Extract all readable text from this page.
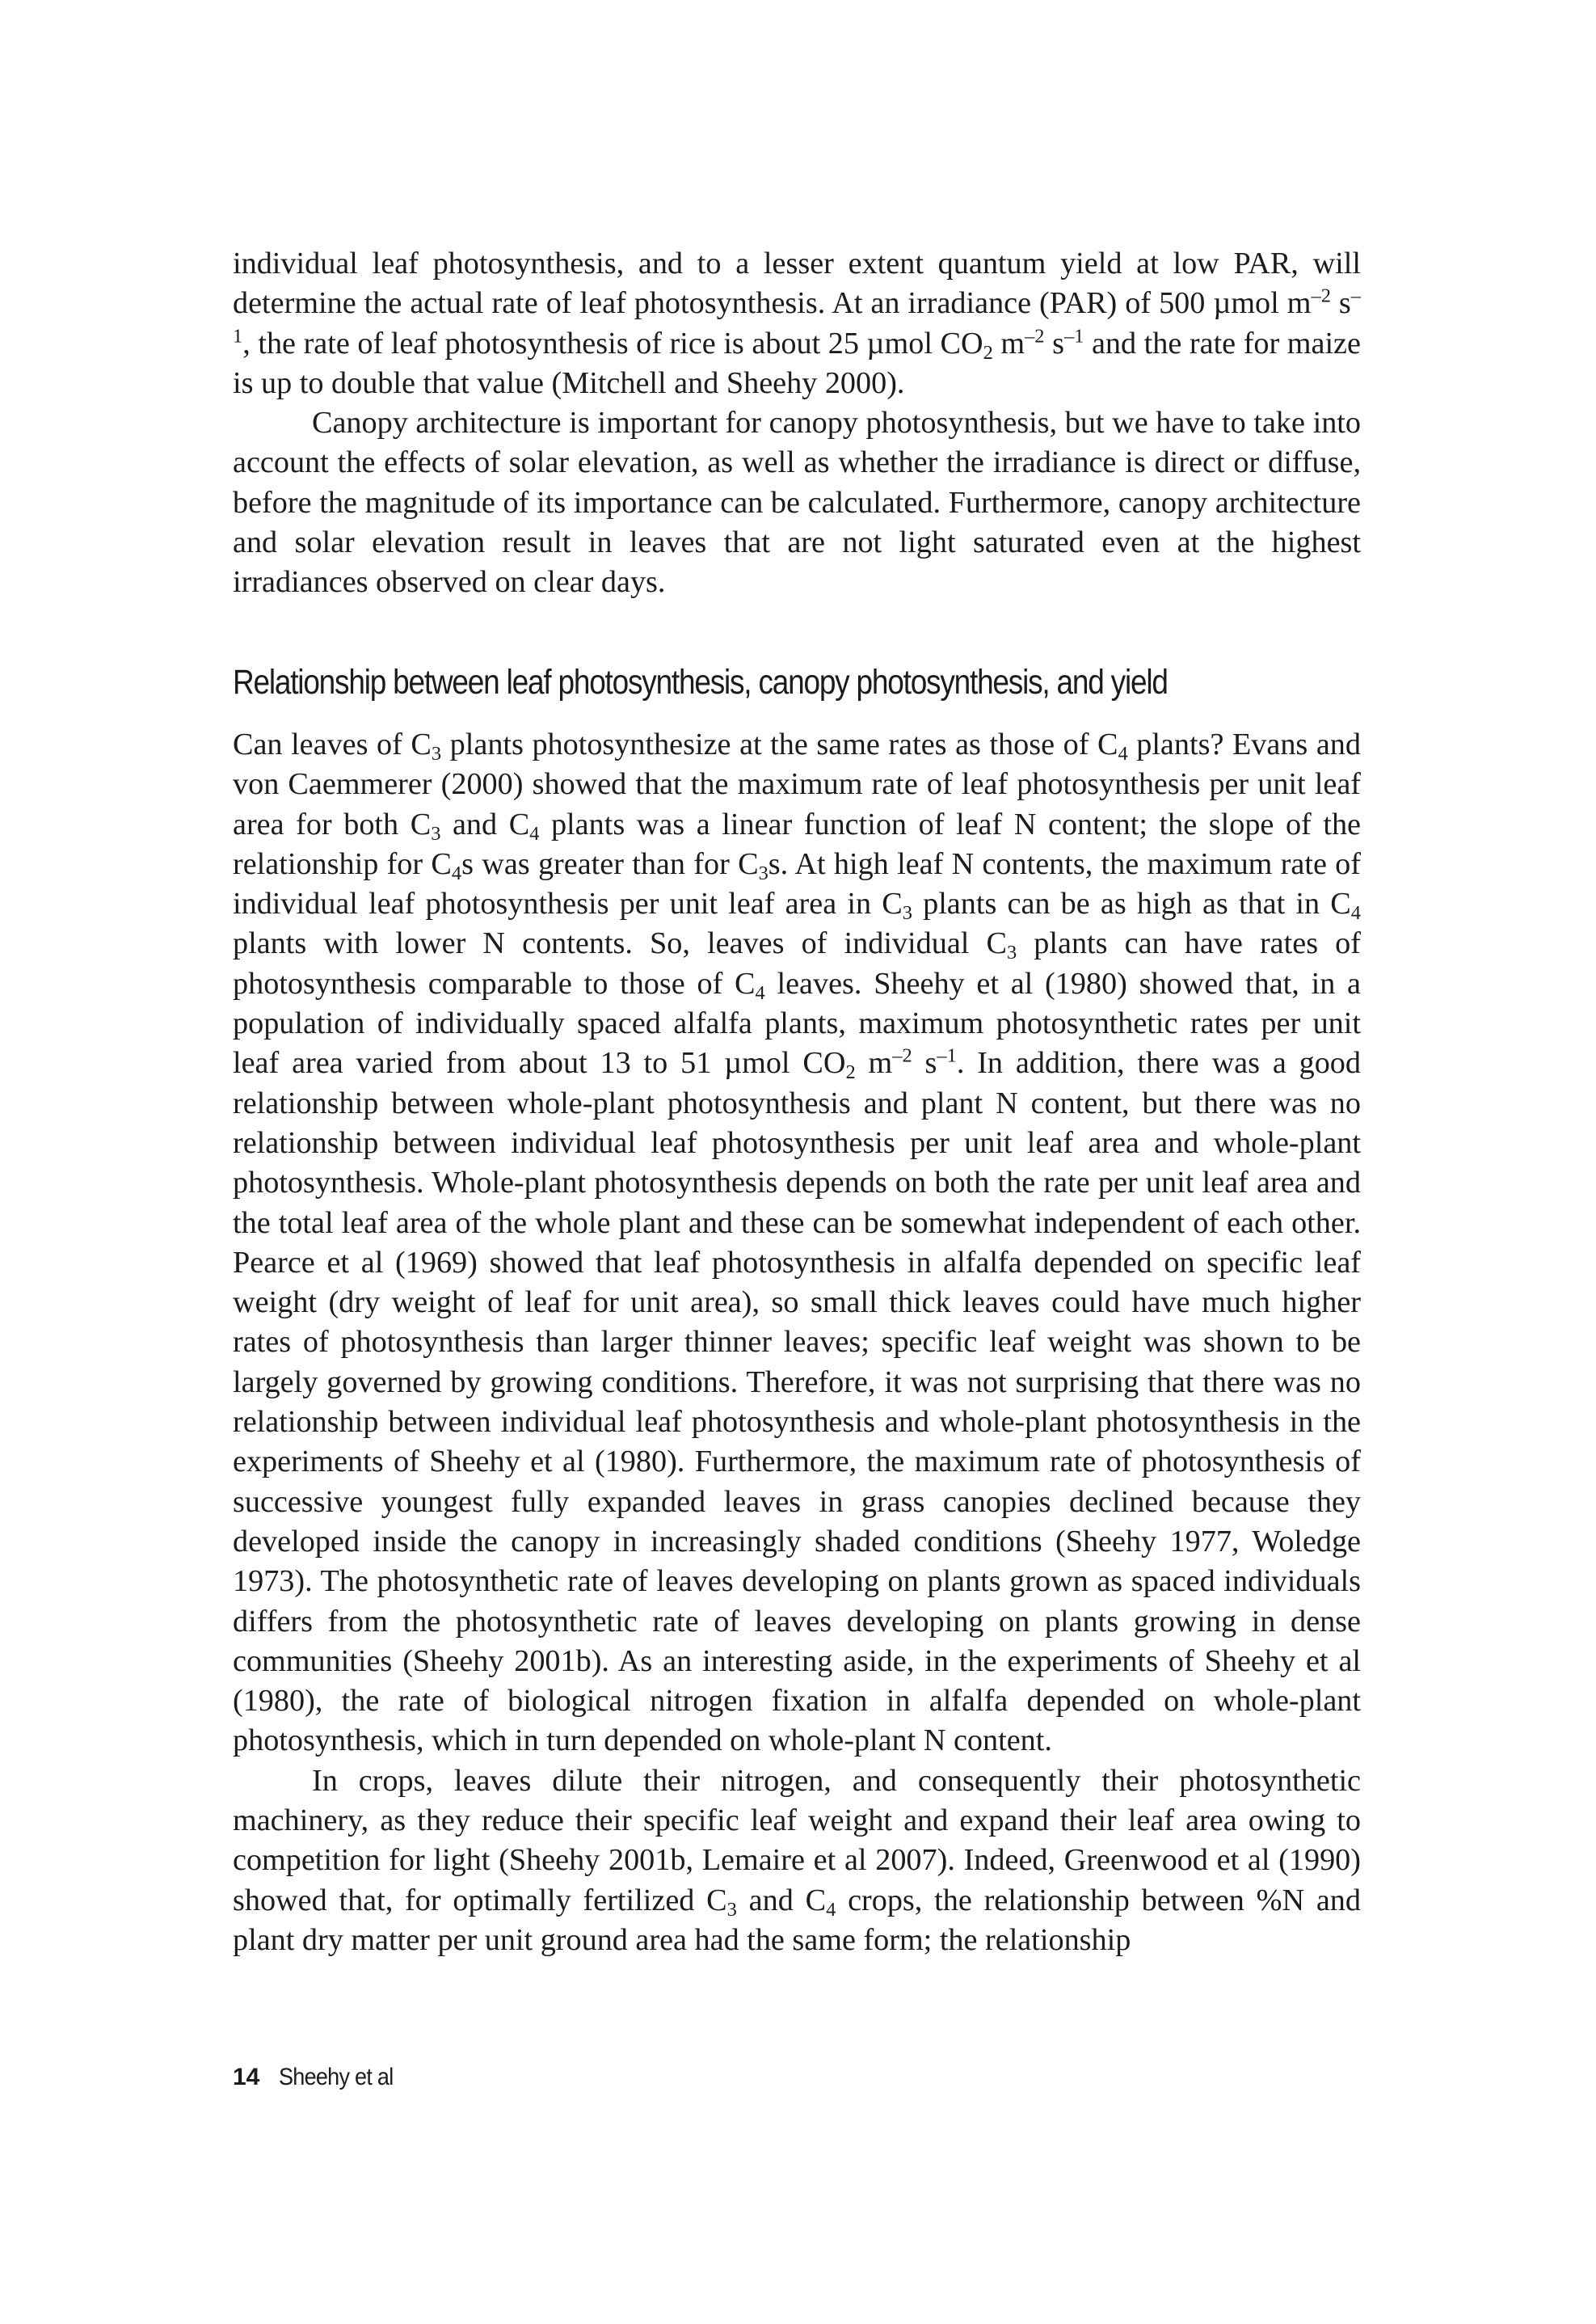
individual leaf photosynthesis, and to a lesser extent quantum yield at low PAR, will determine the actual rate of leaf photosynthesis. At an irradiance (PAR) of 500 µmol $m^{-2}$ $s^{-1}$, the rate of leaf photosynthesis of rice is about 25 µmol $CO_2$ $m^{-2}$ $s^{-1}$ and the rate for maize is up to double that value (Mitchell and Sheehy 2000).

Canopy architecture is important for canopy photosynthesis, but we have to take into account the effects of solar elevation, as well as whether the irradiance is direct or diffuse, before the magnitude of its importance can be calculated. Furthermore, canopy architecture and solar elevation result in leaves that are not light saturated even at the highest irradiances observed on clear days.

Relationship between leaf photosynthesis, canopy photosynthesis, and yield

Can leaves of $C_3$ plants photosynthesize at the same rates as those of $C_4$ plants? Evans and von Caemmerer (2000) showed that the maximum rate of leaf photosynthesis per unit leaf area for both $C_3$ and $C_4$ plants was a linear function of leaf N content; the slope of the relationship for $C_4s$ was greater than for $C_3s$. At high leaf N contents, the maximum rate of individual leaf photosynthesis per unit leaf area in $C_3$ plants can be as high as that in $C_4$ plants with lower N contents. So, leaves of individual $C_3$ plants can have rates of photosynthesis comparable to those of $C_4$ leaves. Sheehy et al (1980) showed that, in a population of individually spaced alfalfa plants, maximum photosynthetic rates per unit leaf area varied from about 13 to 51 µmol $CO_2$ $m^{-2}$ $s^{-1}$. In addition, there was a good relationship between whole-plant photosynthesis and plant N content, but there was no relationship between individual leaf photosynthesis per unit leaf area and whole-plant photosynthesis. Whole-plant photosynthesis depends on both the rate per unit leaf area and the total leaf area of the whole plant and these can be somewhat independent of each other. Pearce et al (1969) showed that leaf photosynthesis in alfalfa depended on specific leaf weight (dry weight of leaf for unit area), so small thick leaves could have much higher rates of photosynthesis than larger thinner leaves; specific leaf weight was shown to be largely governed by growing conditions. Therefore, it was not surprising that there was no relationship between individual leaf photosynthesis and whole-plant photosynthesis in the experiments of Sheehy et al (1980). Furthermore, the maximum rate of photosynthesis of successive youngest fully expanded leaves in grass canopies declined because they developed inside the canopy in increasingly shaded conditions (Sheehy 1977, Woledge 1973). The photosynthetic rate of leaves developing on plants grown as spaced individuals differs from the photosynthetic rate of leaves developing on plants growing in dense communities (Sheehy 2001b). As an interesting aside, in the experiments of Sheehy et al (1980), the rate of biological nitrogen fixation in alfalfa depended on whole-plant photosynthesis, which in turn depended on whole-plant N content.

In crops, leaves dilute their nitrogen, and consequently their photosynthetic machinery, as they reduce their specific leaf weight and expand their leaf area owing to competition for light (Sheehy 2001b, Lemaire et al 2007). Indeed, Greenwood et al (1990) showed that, for optimally fertilized $C_3$ and $C_4$ crops, the relationship between %N and plant dry matter per unit ground area had the same form; the relationship

14 Sheehy et al
